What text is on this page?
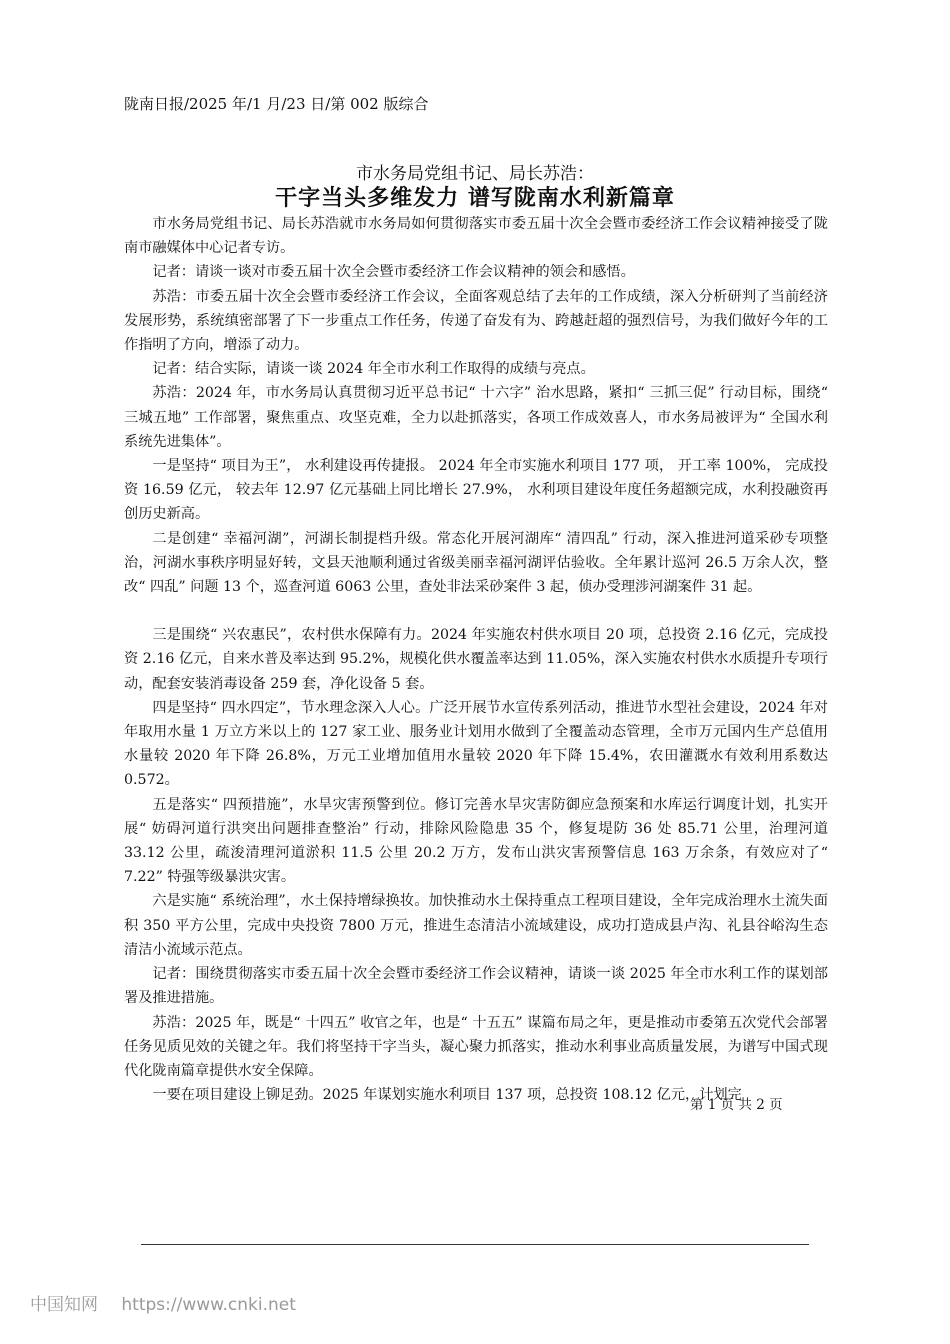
陇南日报/2025 年/1 月/23 日/第 002 版综合
市水务局党组书记、局长苏浩：
干字当头多维发力 谱写陇南水利新篇章

市水务局党组书记、局长苏浩就市水务局如何贯彻落实市委五届十次全会暨市委经济工作会议精神接受了陇南市融媒体中心记者专访。

记者：请谈一谈对市委五届十次全会暨市委经济工作会议精神的领会和感悟。

苏浩：市委五届十次全会暨市委经济工作会议，全面客观总结了去年的工作成绩，深入分析研判了当前经济发展形势，系统缜密部署了下一步重点工作任务，传递了奋发有为、跨越赶超的强烈信号，为我们做好今年的工作指明了方向，增添了动力。

记者：结合实际，请谈一谈 2024 年全市水利工作取得的成绩与亮点。

苏浩：2024 年，市水务局认真贯彻习近平总书记“ 十六字” 治水思路，紧扣“ 三抓三促” 行动目标，围绕“ 三城五地” 工作部署，聚焦重点、攻坚克难，全力以赴抓落实，各项工作成效喜人，市水务局被评为“ 全国水利系统先进集体”。

一是坚持“ 项目为王”， 水利建设再传捷报。 2024 年全市实施水利项目 177 项， 开工率 100%， 完成投资 16.59 亿元， 较去年 12.97 亿元基础上同比增长 27.9%， 水利项目建设年度任务超额完成，水利投融资再创历史新高。

二是创建“ 幸福河湖”，河湖长制提档升级。常态化开展河湖库“ 清四乱” 行动，深入推进河道采砂专项整治，河湖水事秩序明显好转，文县天池顺利通过省级美丽幸福河湖评估验收。全年累计巡河 26.5 万余人次，整改“ 四乱” 问题 13 个，巡查河道 6063 公里，查处非法采砂案件 3 起，侦办受理涉河湖案件 31 起。

三是围绕“ 兴农惠民”，农村供水保障有力。2024 年实施农村供水项目 20 项，总投资 2.16 亿元，完成投资 2.16 亿元，自来水普及率达到 95.2%，规模化供水覆盖率达到 11.05%，深入实施农村供水水质提升专项行动，配套安装消毒设备 259 套，净化设备 5 套。

四是坚持“ 四水四定”，节水理念深入人心。广泛开展节水宣传系列活动，推进节水型社会建设，2024 年对年取用水量 1 万立方米以上的 127 家工业、服务业计划用水做到了全覆盖动态管理，全市万元国内生产总值用水量较 2020 年下降 26.8%，万元工业增加值用水量较 2020 年下降 15.4%，农田灌溉水有效利用系数达 0.572。

五是落实“ 四预措施”，水旱灾害预警到位。修订完善水旱灾害防御应急预案和水库运行调度计划，扎实开展“ 妨碍河道行洪突出问题排查整治” 行动，排除风险隐患 35 个，修复堤防 36 处 85.71 公里，治理河道 33.12 公里，疏浚清理河道淤积 11.5 公里 20.2 万方，发布山洪灾害预警信息 163 万余条，有效应对了“ 7.22” 特强等级暴洪灾害。

六是实施“ 系统治理”，水土保持增绿换妆。加快推动水土保持重点工程项目建设，全年完成治理水土流失面积 350 平方公里，完成中央投资 7800 万元，推进生态清洁小流域建设，成功打造成县卢沟、礼县谷峪沟生态清洁小流域示范点。

记者：围绕贯彻落实市委五届十次全会暨市委经济工作会议精神，请谈一谈 2025 年全市水利工作的谋划部署及推进措施。

苏浩：2025 年，既是“ 十四五” 收官之年，也是“ 十五五” 谋篇布局之年，更是推动市委第五次党代会部署任务见质见效的关键之年。我们将坚持干字当头，凝心聚力抓落实，推动水利事业高质量发展，为谱写中国式现代化陇南篇章提供水安全保障。

一要在项目建设上铆足劲。2025 年谋划实施水利项目 137 项，总投资 108.12 亿元，计划完

第 1 页 共 2 页
中国知网 https://www.cnki.net
